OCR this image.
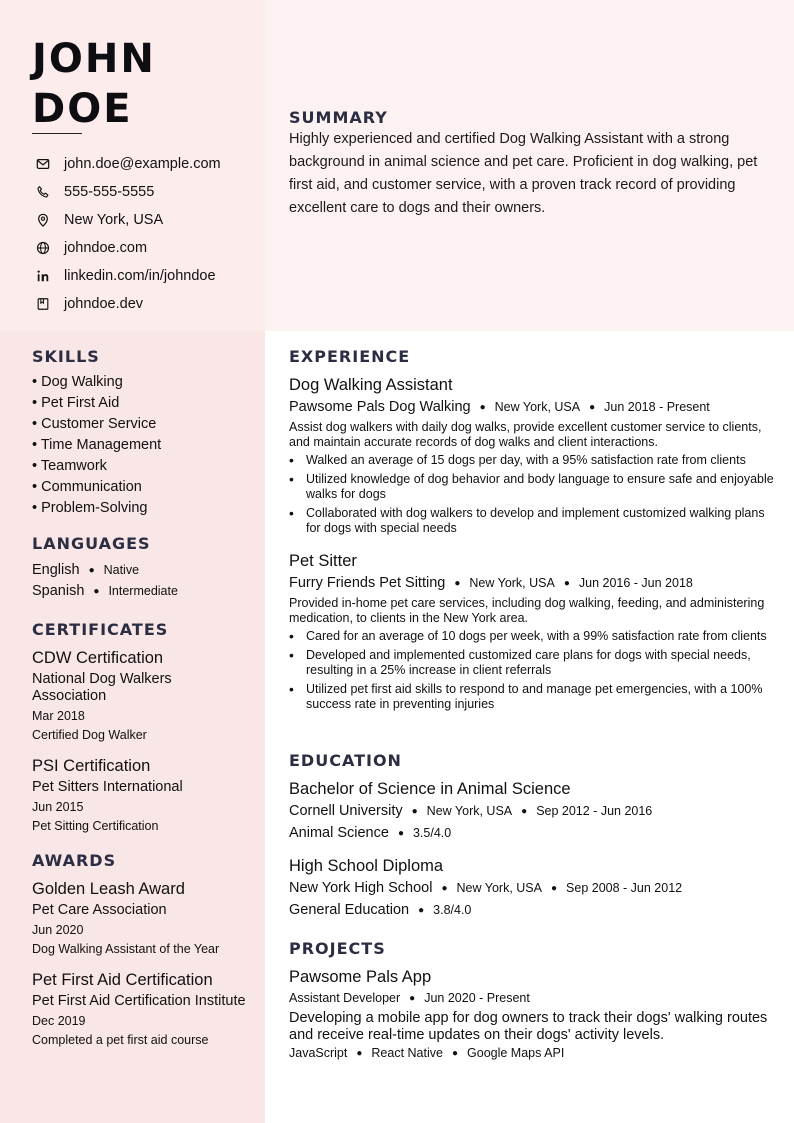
JOHN
DOE
john.doe@example.com
555-555-5555
New York, USA
johndoe.com
linkedin.com/in/johndoe
johndoe.dev
SUMMARY

Highly experienced and certified Dog Walking Assistant with a strong background in animal science and pet care. Proficient in dog walking, pet first aid, and customer service, with a proven track record of providing excellent care to dogs and their owners.

SKILLS
• Dog Walking
• Pet First Aid
• Customer Service
• Time Management
• Teamwork
• Communication
• Problem-Solving
LANGUAGES
English ● Native
Spanish ● Intermediate
CERTIFICATES
CDW Certification
National Dog Walkers Association
Mar 2018
Certified Dog Walker
PSI Certification
Pet Sitters International
Jun 2015
Pet Sitting Certification
AWARDS
Golden Leash Award
Pet Care Association
Jun 2020
Dog Walking Assistant of the Year
Pet First Aid Certification
Pet First Aid Certification Institute
Dec 2019
Completed a pet first aid course
EXPERIENCE
Dog Walking Assistant
Pawsome Pals Dog Walking ● New York, USA ● Jun 2018 - Present
Assist dog walkers with daily dog walks, provide excellent customer service to clients, and maintain accurate records of dog walks and client interactions.
• Walked an average of 15 dogs per day, with a 95% satisfaction rate from clients
• Utilized knowledge of dog behavior and body language to ensure safe and enjoyable walks for dogs
• Collaborated with dog walkers to develop and implement customized walking plans for dogs with special needs
Pet Sitter
Furry Friends Pet Sitting ● New York, USA ● Jun 2016 - Jun 2018
Provided in-home pet care services, including dog walking, feeding, and administering medication, to clients in the New York area.
• Cared for an average of 10 dogs per week, with a 99% satisfaction rate from clients
• Developed and implemented customized care plans for dogs with special needs, resulting in a 25% increase in client referrals
• Utilized pet first aid skills to respond to and manage pet emergencies, with a 100% success rate in preventing injuries
EDUCATION
Bachelor of Science in Animal Science
Cornell University ● New York, USA ● Sep 2012 - Jun 2016
Animal Science ● 3.5/4.0
High School Diploma
New York High School ● New York, USA ● Sep 2008 - Jun 2012
General Education ● 3.8/4.0
PROJECTS
Pawsome Pals App
Assistant Developer ● Jun 2020 - Present
Developing a mobile app for dog owners to track their dogs' walking routes and receive real-time updates on their dogs' activity levels.
JavaScript ● React Native ● Google Maps API
